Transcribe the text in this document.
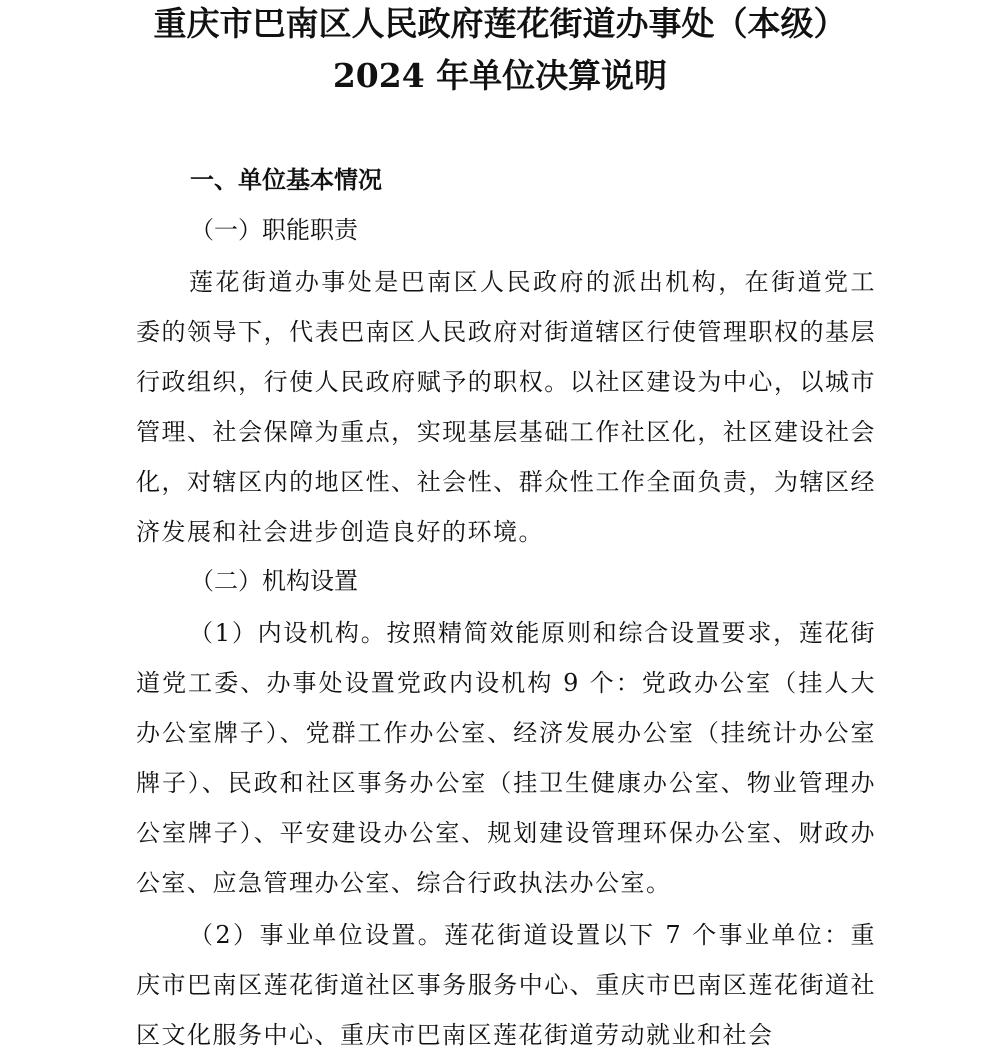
重庆市巴南区人民政府莲花街道办事处（本级）
2024 年单位决算说明
一、单位基本情况
（一）职能职责

莲花街道办事处是巴南区人民政府的派出机构，在街道党工委的领导下，代表巴南区人民政府对街道辖区行使管理职权的基层行政组织，行使人民政府赋予的职权。以社区建设为中心，以城市管理、社会保障为重点，实现基层基础工作社区化，社区建设社会化，对辖区内的地区性、社会性、群众性工作全面负责，为辖区经济发展和社会进步创造良好的环境。

（二）机构设置

（1）内设机构。按照精简效能原则和综合设置要求，莲花街道党工委、办事处设置党政内设机构 9 个：党政办公室（挂人大办公室牌子）、党群工作办公室、经济发展办公室（挂统计办公室牌子）、民政和社区事务办公室（挂卫生健康办公室、物业管理办公室牌子）、平安建设办公室、规划建设管理环保办公室、财政办公室、应急管理办公室、综合行政执法办公室。

（2）事业单位设置。莲花街道设置以下 7 个事业单位：重庆市巴南区莲花街道社区事务服务中心、重庆市巴南区莲花街道社区文化服务中心、重庆市巴南区莲花街道劳动就业和社会
